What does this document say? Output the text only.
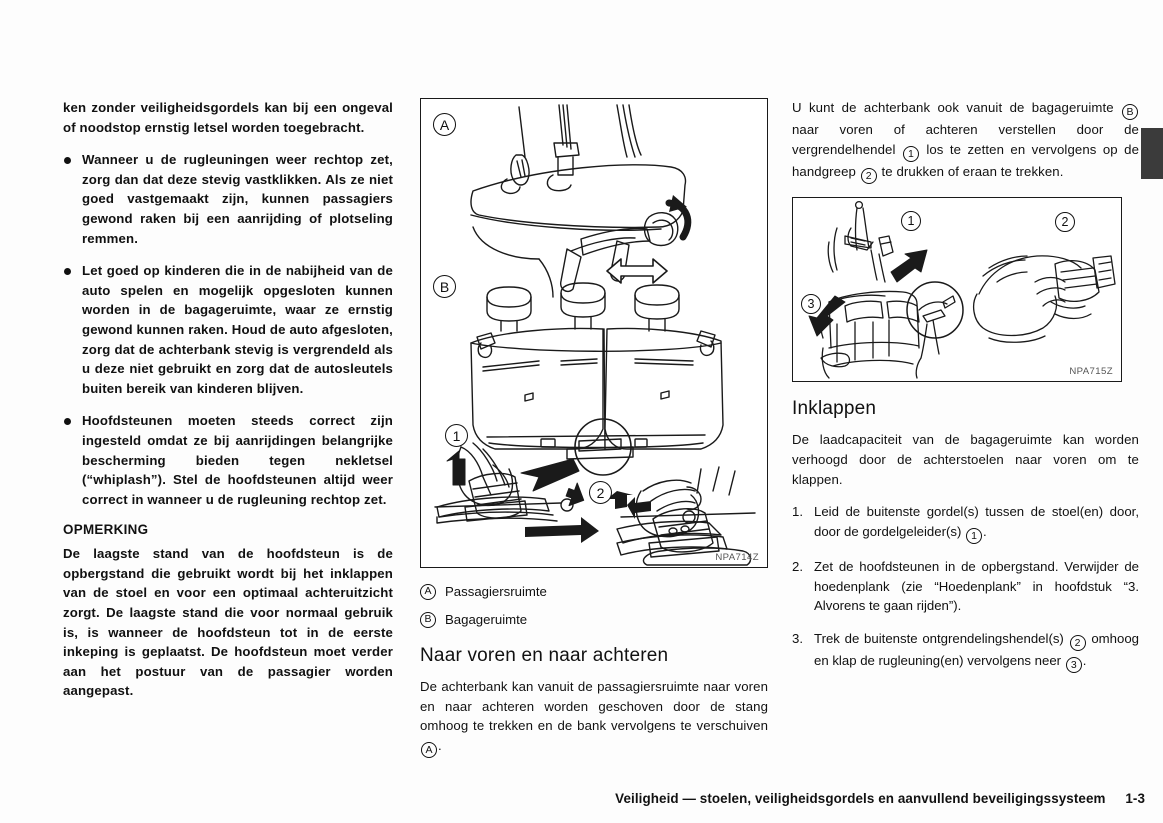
ken zonder veiligheidsgordels kan bij een ongeval of noodstop ernstig letsel worden toegebracht.

Wanneer u de rugleuningen weer rechtop zet, zorg dan dat deze stevig vastklikken. Als ze niet goed vastgemaakt zijn, kunnen passagiers gewond raken bij een aanrijding of plotseling remmen.
Let goed op kinderen die in de nabijheid van de auto spelen en mogelijk opgesloten kunnen worden in de bagageruimte, waar ze ernstig gewond kunnen raken. Houd de auto afgesloten, zorg dat de achterbank stevig is vergrendeld als u deze niet gebruikt en zorg dat de autosleutels buiten bereik van kinderen blijven.
Hoofdsteunen moeten steeds correct zijn ingesteld omdat ze bij aanrijdingen belangrijke bescherming bieden tegen nekletsel (“whiplash”). Stel de hoofdsteunen altijd weer correct in wanneer u de rugleuning rechtop zet.
OPMERKING

De laagste stand van de hoofdsteun is de opbergstand die gebruikt wordt bij het inklappen van de stoel en voor een optimaal achteruitzicht zorgt. De laagste stand die voor normaal gebruik is, is wanneer de hoofdsteun tot in de eerste inkeping is geplaatst. De hoofdsteun moet verder aan het postuur van de passagier worden aangepast.

A
B
1
2
NPA714Z
A	Passagiersruimte
B	Bagageruimte
Naar voren en naar achteren

De achterbank kan vanuit de passagiersruimte naar voren en naar achteren worden geschoven door de stang omhoog te trekken en de bank vervolgens te verschuiven A .

U kunt de achterbank ook vanuit de bagageruimte B naar voren of achteren verstellen door de vergrendelhendel 1 los te zetten en vervolgens op de handgreep 2 te drukken of eraan te trekken.

1	2
3
NPA715Z
Inklappen

De laadcapaciteit van de bagageruimte kan worden verhoogd door de achterstoelen naar voren om te klappen.

1. Leid de buitenste gordel(s) tussen de stoel(en) door, door de gordelgeleider(s) 1 .
2. Zet de hoofdsteunen in de opbergstand. Verwijder de hoedenplank (zie “Hoedenplank” in hoofdstuk “3. Alvorens te gaan rijden”).
3. Trek de buitenste ontgrendelingshendel(s) 2 omhoog en klap de rugleuning(en) vervolgens neer 3 .
Veiligheid — stoelen, veiligheidsgordels en aanvullend beveiligingssysteem 1-3
